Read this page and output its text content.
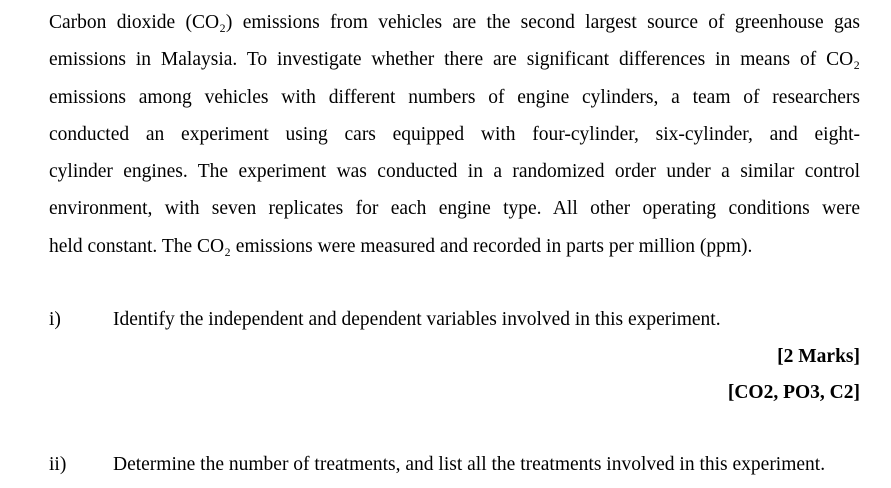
Carbon dioxide (CO₂) emissions from vehicles are the second largest source of greenhouse gas
emissions in Malaysia. To investigate whether there are significant differences in means of CO₂
emissions among vehicles with different numbers of engine cylinders, a team of researchers
conducted an experiment using cars equipped with four-cylinder, six-cylinder, and eight-
cylinder engines. The experiment was conducted in a randomized order under a similar control
environment, with seven replicates for each engine type. All other operating conditions were
held constant. The CO₂ emissions were measured and recorded in parts per million (ppm).
i)	Identify the independent and dependent variables involved in this experiment.
[2 Marks]
[CO2, PO3, C2]
ii) Determine the number of treatments, and list all the treatments involved in this experiment.
